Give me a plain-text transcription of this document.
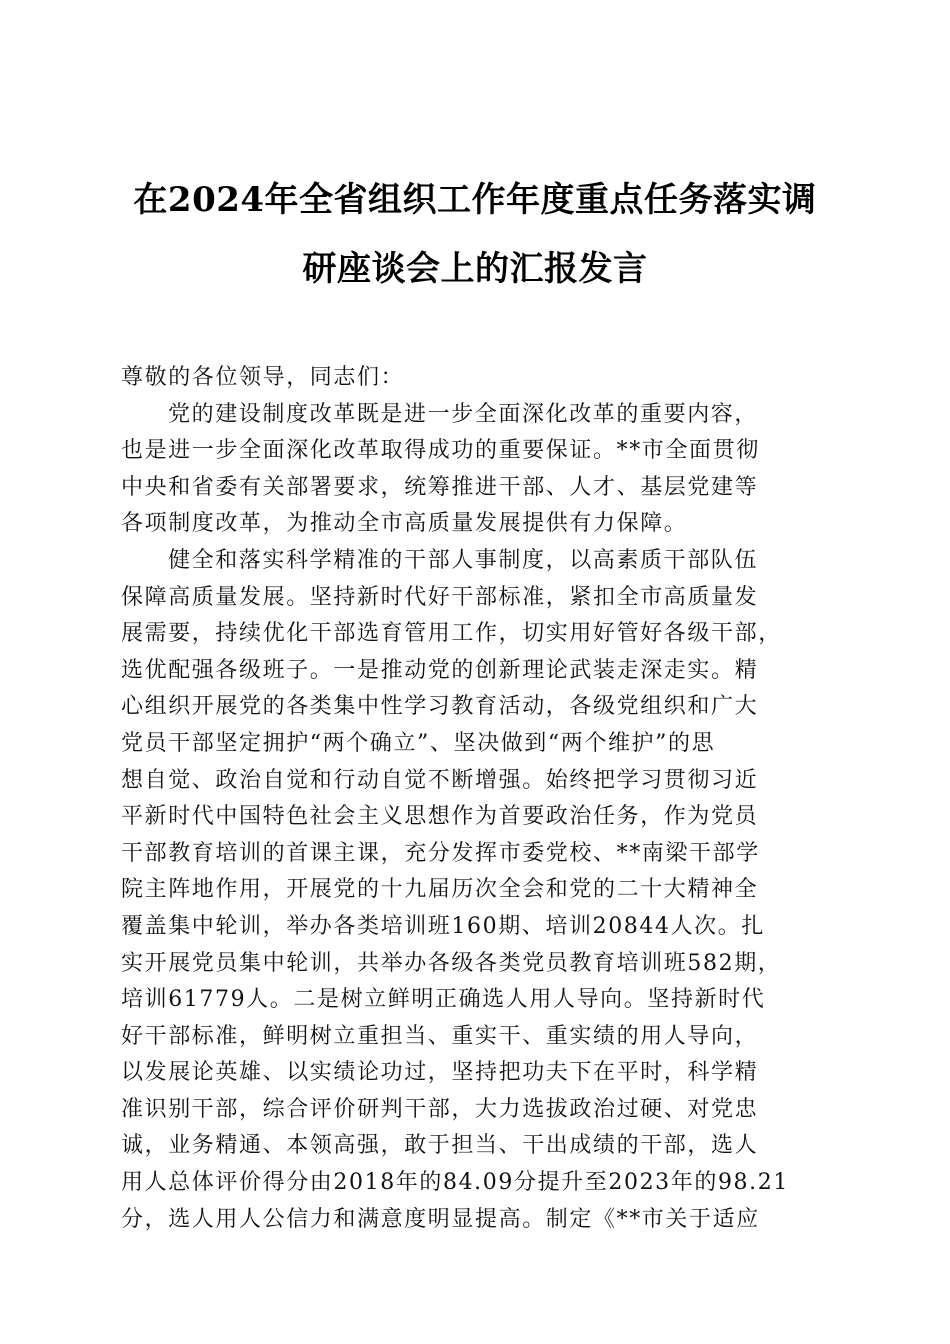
在2024年全省组织工作年度重点任务落实调
研座谈会上的汇报发言
尊敬的各位领导，同志们：
党的建设制度改革既是进一步全面深化改革的重要内容，
也是进一步全面深化改革取得成功的重要保证。**市全面贯彻
中央和省委有关部署要求，统筹推进干部、人才、基层党建等
各项制度改革，为推动全市高质量发展提供有力保障。
健全和落实科学精准的干部人事制度，以高素质干部队伍
保障高质量发展。坚持新时代好干部标准，紧扣全市高质量发
展需要，持续优化干部选育管用工作，切实用好管好各级干部，
选优配强各级班子。一是推动党的创新理论武装走深走实。精
心组织开展党的各类集中性学习教育活动，各级党组织和广大
党员干部坚定拥护“两个确立”、坚决做到“两个维护”的思
想自觉、政治自觉和行动自觉不断增强。始终把学习贯彻习近
平新时代中国特色社会主义思想作为首要政治任务，作为党员
干部教育培训的首课主课，充分发挥市委党校、**南梁干部学
院主阵地作用，开展党的十九届历次全会和党的二十大精神全
覆盖集中轮训，举办各类培训班160期、培训20844人次。扎
实开展党员集中轮训，共举办各级各类党员教育培训班582期，
培训61779人。二是树立鲜明正确选人用人导向。坚持新时代
好干部标准，鲜明树立重担当、重实干、重实绩的用人导向，
以发展论英雄、以实绩论功过，坚持把功夫下在平时，科学精
准识别干部，综合评价研判干部，大力选拔政治过硬、对党忠
诚，业务精通、本领高强，敢于担当、干出成绩的干部，选人
用人总体评价得分由2018年的84.09分提升至2023年的98.21
分，选人用人公信力和满意度明显提高。制定《**市关于适应
